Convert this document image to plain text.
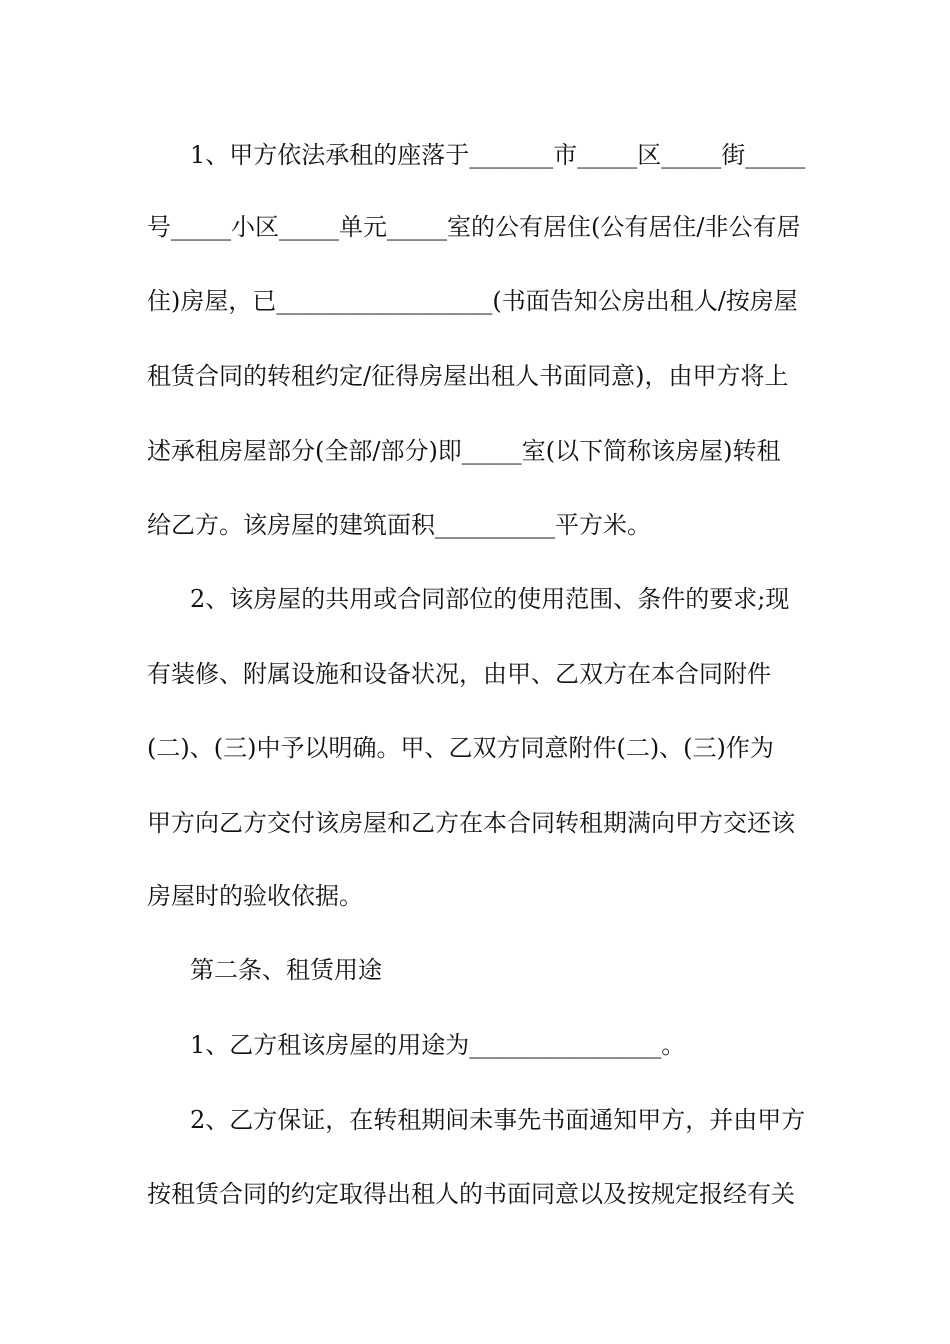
1、甲方依法承租的座落于_______市_____区_____街_____
号_____小区_____单元_____室的公有居住(公有居住/非公有居
住)房屋，已__________________(书面告知公房出租人/按房屋
租赁合同的转租约定/征得房屋出租人书面同意)，由甲方将上
述承租房屋部分(全部/部分)即_____室(以下简称该房屋)转租
给乙方。该房屋的建筑面积__________平方米。
2、该房屋的共用或合同部位的使用范围、条件的要求;现
有装修、附属设施和设备状况，由甲、乙双方在本合同附件
(二)、(三)中予以明确。甲、乙双方同意附件(二)、(三)作为
甲方向乙方交付该房屋和乙方在本合同转租期满向甲方交还该
房屋时的验收依据。
第二条、租赁用途
1、乙方租该房屋的用途为________________。
2、乙方保证，在转租期间未事先书面通知甲方，并由甲方
按租赁合同的约定取得出租人的书面同意以及按规定报经有关
